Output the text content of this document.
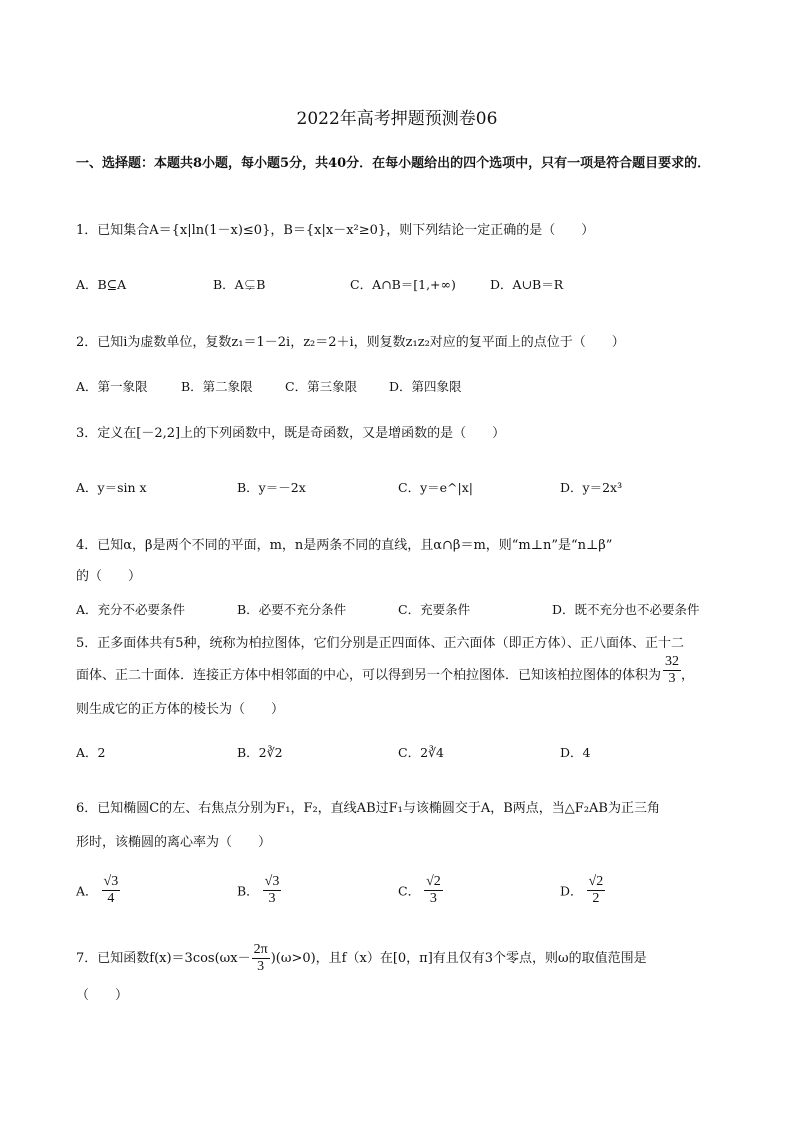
2022年高考押题预测卷06
一、选择题：本题共8小题，每小题5分，共40分．在每小题给出的四个选项中，只有一项是符合题目要求的．
1．已知集合A＝{x|ln(1－x)≤0}，B＝{x|x－x²≥0}，则下列结论一定正确的是（　　）
A．B⊆A	B．A⊊B	C．A∩B＝[1,+∞)	D．A∪B＝R
2．已知i为虚数单位，复数z₁＝1－2i，z₂＝2＋i，则复数z₁z₂对应的复平面上的点位于（　　）
A．第一象限	B．第二象限	C．第三象限	D．第四象限
3．定义在[－2,2]上的下列函数中，既是奇函数，又是增函数的是（　　）
A．y＝sin x	B．y＝－2x	C．y＝e^|x|	D．y＝2x³
4．已知α，β是两个不同的平面，m，n是两条不同的直线，且α∩β＝m，则“m⊥n”是“n⊥β”
的（　　）
A．充分不必要条件	B．必要不充分条件	C．充要条件	D．既不充分也不必要条件
5．正多面体共有5种，统称为柏拉图体，它们分别是正四面体、正六面体（即正方体）、正八面体、正十二
面体、正二十面体．连接正方体中相邻面的中心，可以得到另一个柏拉图体．已知该柏拉图体的体积为 $\frac{32}{3}$ ，
则生成它的正方体的棱长为（　　）
A．2	B．2∛2	C．2∛4	D．4
6．已知椭圆C的左、右焦点分别为F₁，F₂，直线AB过F₁与该椭圆交于A，B两点，当△F₂AB为正三角
形时，该椭圆的离心率为（　　）
A． $\frac{√3}{4}$	B． $\frac{√3}{3}$	C． $\frac{√2}{3}$	D． $\frac{√2}{2}$
7．已知函数$f(x)=3\cos(\omega x- \frac{2\pi}{3} )(\omega>0)$，且f（x）在[0，π]有且仅有3个零点，则ω的取值范围是
（　　）
